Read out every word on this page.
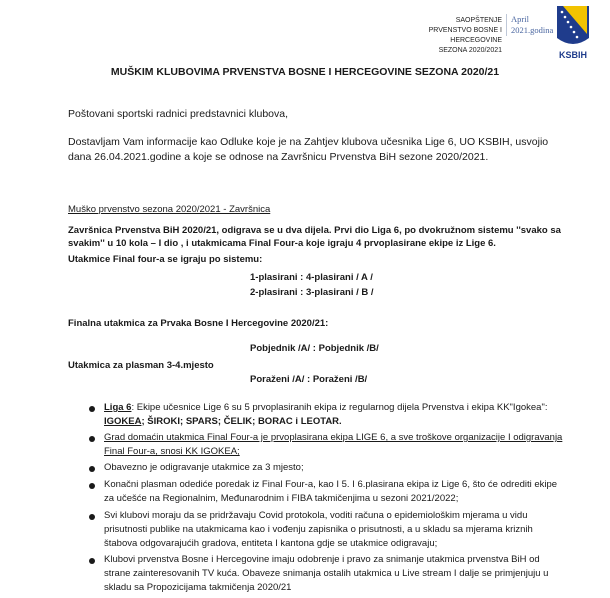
SAOPŠTENJE
PRVENSTVO BOSNE I HERCEGOVINE SEZONA 2020/2021
April
2021.godina
KSBIH
MUŠKIM KLUBOVIMA PRVENSTVA BOSNE I HERCEGOVINE SEZONA 2020/21
Poštovani sportski radnici predstavnici klubova,
Dostavljam Vam informacije kao Odluke koje je na Zahtjev klubova učesnika Lige 6, UO KSBIH, usvojio
dana 26.04.2021.godine a koje se odnose na Završnicu Prvenstva BiH sezone 2020/2021.
Muško prvenstvo sezona 2020/2021 - Završnica
Završnica Prvenstva BiH 2020/21, odigrava se u dva dijela. Prvi dio Liga 6, po dvokružnom sistemu ''svako sa
svakim'' u 10 kola – I dio , i utakmicama Final Four-a koje igraju 4 prvoplasirane ekipe iz Lige 6.
Utakmice Final four-a se igraju po sistemu:
1-plasirani : 4-plasirani / A /
2-plasirani : 3-plasirani / B /
Finalna utakmica za Prvaka Bosne I Hercegovine 2020/21:
Pobjednik /A/ : Pobjednik /B/
Utakmica za plasman 3-4.mjesto
Poraženi /A/ : Poraženi /B/
Liga 6: Ekipe učesnice Lige 6 su 5 prvoplasiranih ekipa iz regularnog dijela Prvenstva i ekipa KK"Igokea":
IGOKEA; ŠIROKI; SPARS; ČELIK; BORAC i LEOTAR.
Grad domaćin utakmica Final Four-a je prvoplasirana ekipa LIGE 6, a sve troškove organizacije I odigravanja
Final Four-a, snosi KK IGOKEA;
Obavezno je odigravanje utakmice za 3 mjesto;
Konačni plasman odediće poredak iz Final Four-a, kao I 5. I 6.plasirana ekipa iz Lige 6, što će odrediti ekipe
za učešće na Regionalnim, Međunarodnim i FIBA takmičenjima u sezoni 2021/2022;
Svi klubovi moraju da se pridržavaju Covid protokola, voditi računa o epidemiološkim mjerama u vidu
prisutnosti publike na utakmicama kao i vođenju zapisnika o prisutnosti, a u skladu sa mjerama kriznih
štabova odgovarajućih gradova, entiteta I kantona gdje se utakmice odigravaju;
Klubovi prvenstva Bosne i Hercegovine imaju odobrenje i pravo za snimanje utakmica prvenstva BiH od
strane zainteresovanih TV kuća. Obaveze snimanja ostalih utakmica u Live stream I dalje se primjenjuju u
skladu sa Propozicijama takmičenja 2020/21
